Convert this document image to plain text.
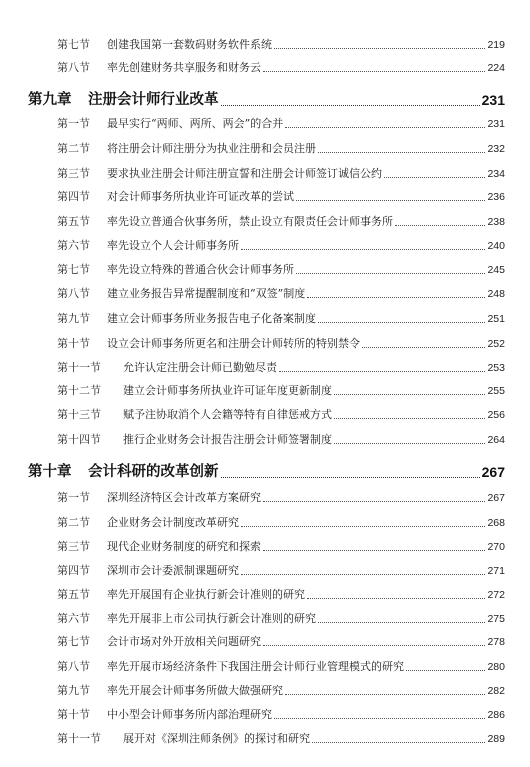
第七节 创建我国第一套数码财务软件系统	219
第八节 率先创建财务共享服务和财务云	224
第九章 注册会计师行业改革	231
第一节 最早实行“两师、两所、两会”的合并	231
第二节 将注册会计师注册分为执业注册和会员注册	232
第三节 要求执业注册会计师注册宣誓和注册会计师签订诚信公约	234
第四节 对会计师事务所执业许可证改革的尝试	236
第五节 率先设立普通合伙事务所，禁止设立有限责任会计师事务所	238
第六节 率先设立个人会计师事务所	240
第七节 率先设立特殊的普通合伙会计师事务所	245
第八节 建立业务报告异常提醒制度和“双签”制度	248
第九节 建立会计师事务所业务报告电子化备案制度	251
第十节 设立会计师事务所更名和注册会计师转所的特别禁令	252
第十一节 允许认定注册会计师已勤勉尽责	253
第十二节 建立会计师事务所执业许可证年度更新制度	255
第十三节 赋予注协取消个人会籍等特有自律惩戒方式	256
第十四节 推行企业财务会计报告注册会计师签署制度	264
第十章 会计科研的改革创新	267
第一节 深圳经济特区会计改革方案研究	267
第二节 企业财务会计制度改革研究	268
第三节 现代企业财务制度的研究和探索	270
第四节 深圳市会计委派制课题研究	271
第五节 率先开展国有企业执行新会计准则的研究	272
第六节 率先开展非上市公司执行新会计准则的研究	275
第七节 会计市场对外开放相关问题研究	278
第八节 率先开展市场经济条件下我国注册会计师行业管理模式的研究	280
第九节 率先开展会计师事务所做大做强研究	282
第十节 中小型会计师事务所内部治理研究	286
第十一节 展开对《深圳注师条例》的探讨和研究	289
